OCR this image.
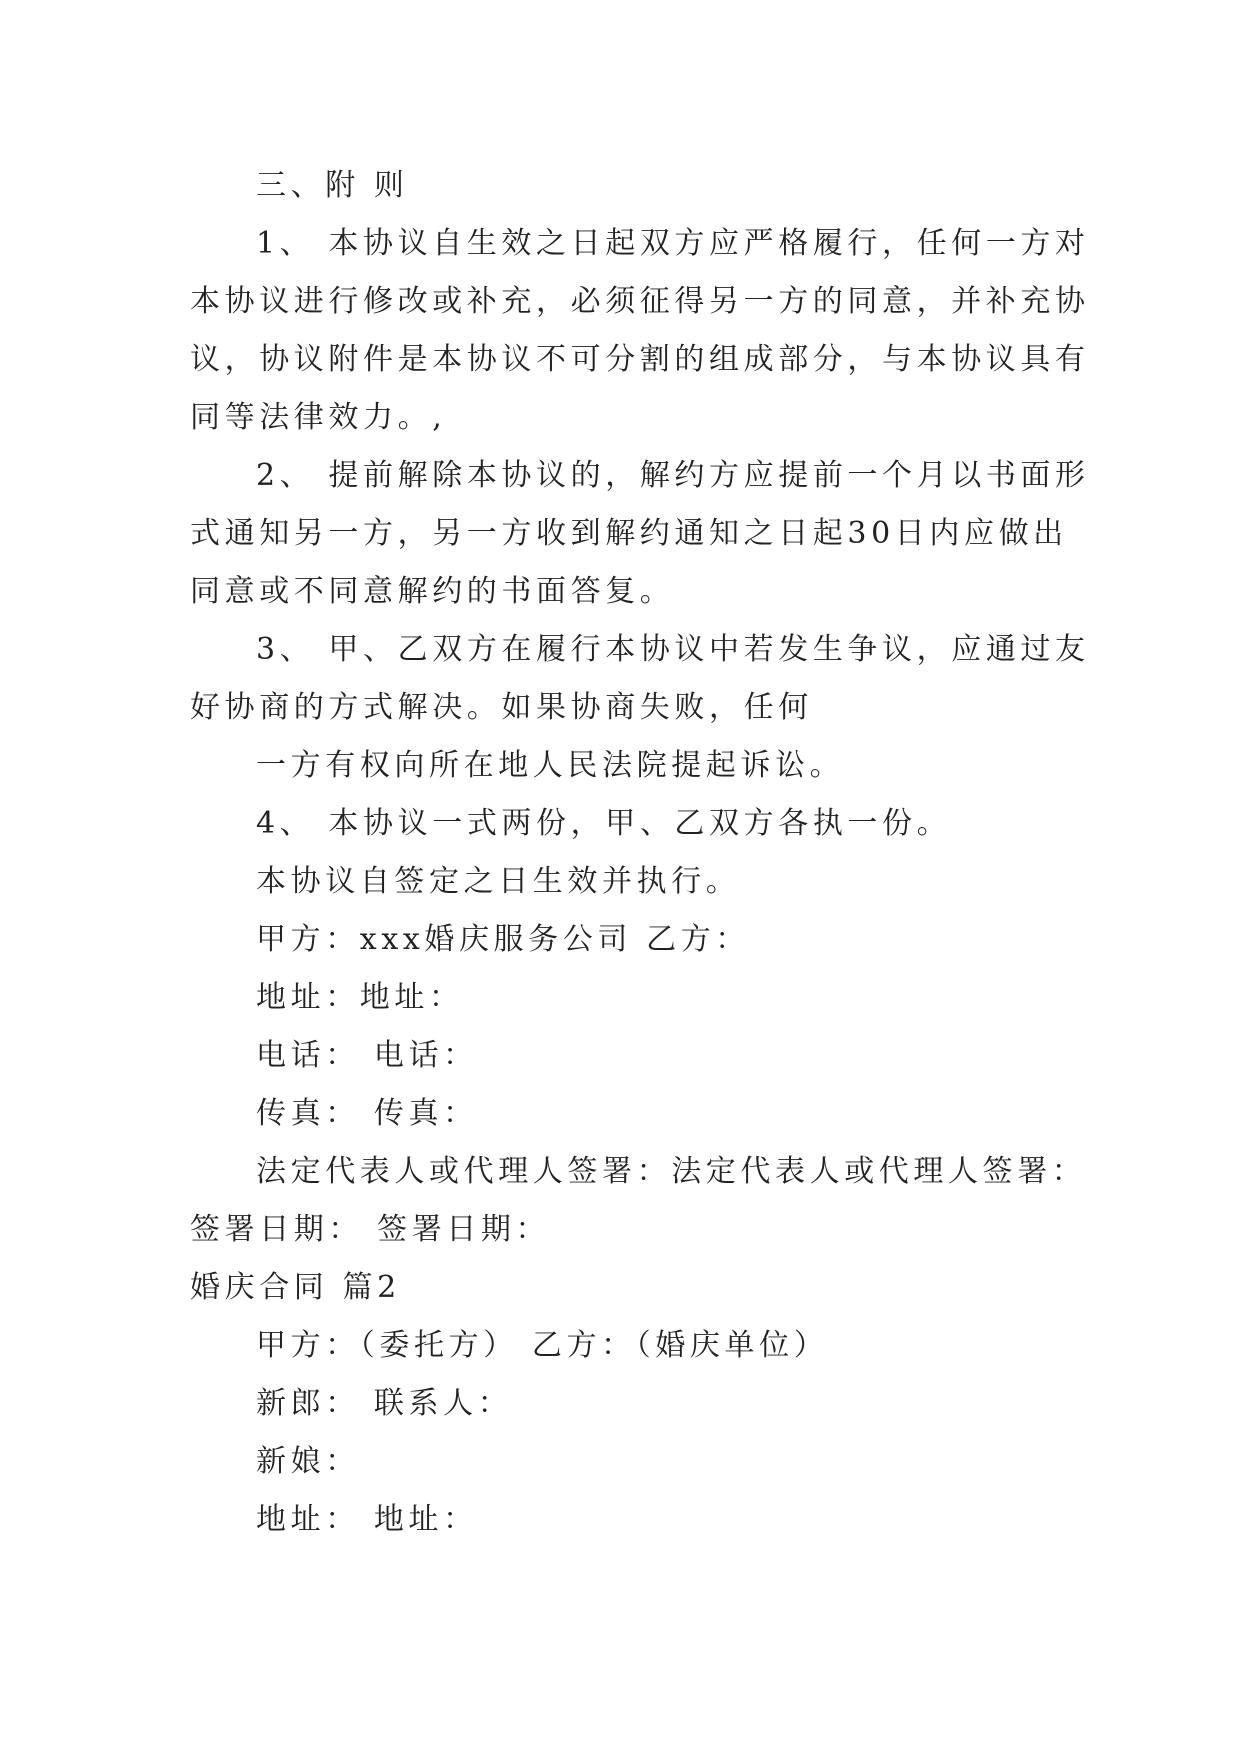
三、附 则
1、 本协议自生效之日起双方应严格履行，任何一方对
本协议进行修改或补充，必须征得另一方的同意，并补充协
议，协议附件是本协议不可分割的组成部分，与本协议具有
同等法律效力。,
2、 提前解除本协议的，解约方应提前一个月以书面形
式通知另一方，另一方收到解约通知之日起30日内应做出
同意或不同意解约的书面答复。
3、 甲、乙双方在履行本协议中若发生争议，应通过友
好协商的方式解决。如果协商失败，任何
一方有权向所在地人民法院提起诉讼。
4、 本协议一式两份，甲、乙双方各执一份。
本协议自签定之日生效并执行。
甲方：xxx婚庆服务公司 乙方：
地址：地址：
电话： 电话：
传真： 传真：
法定代表人或代理人签署：法定代表人或代理人签署：
签署日期： 签署日期：
婚庆合同 篇2
甲方：（委托方） 乙方：（婚庆单位）
新郎： 联系人：
新娘：
地址： 地址：
